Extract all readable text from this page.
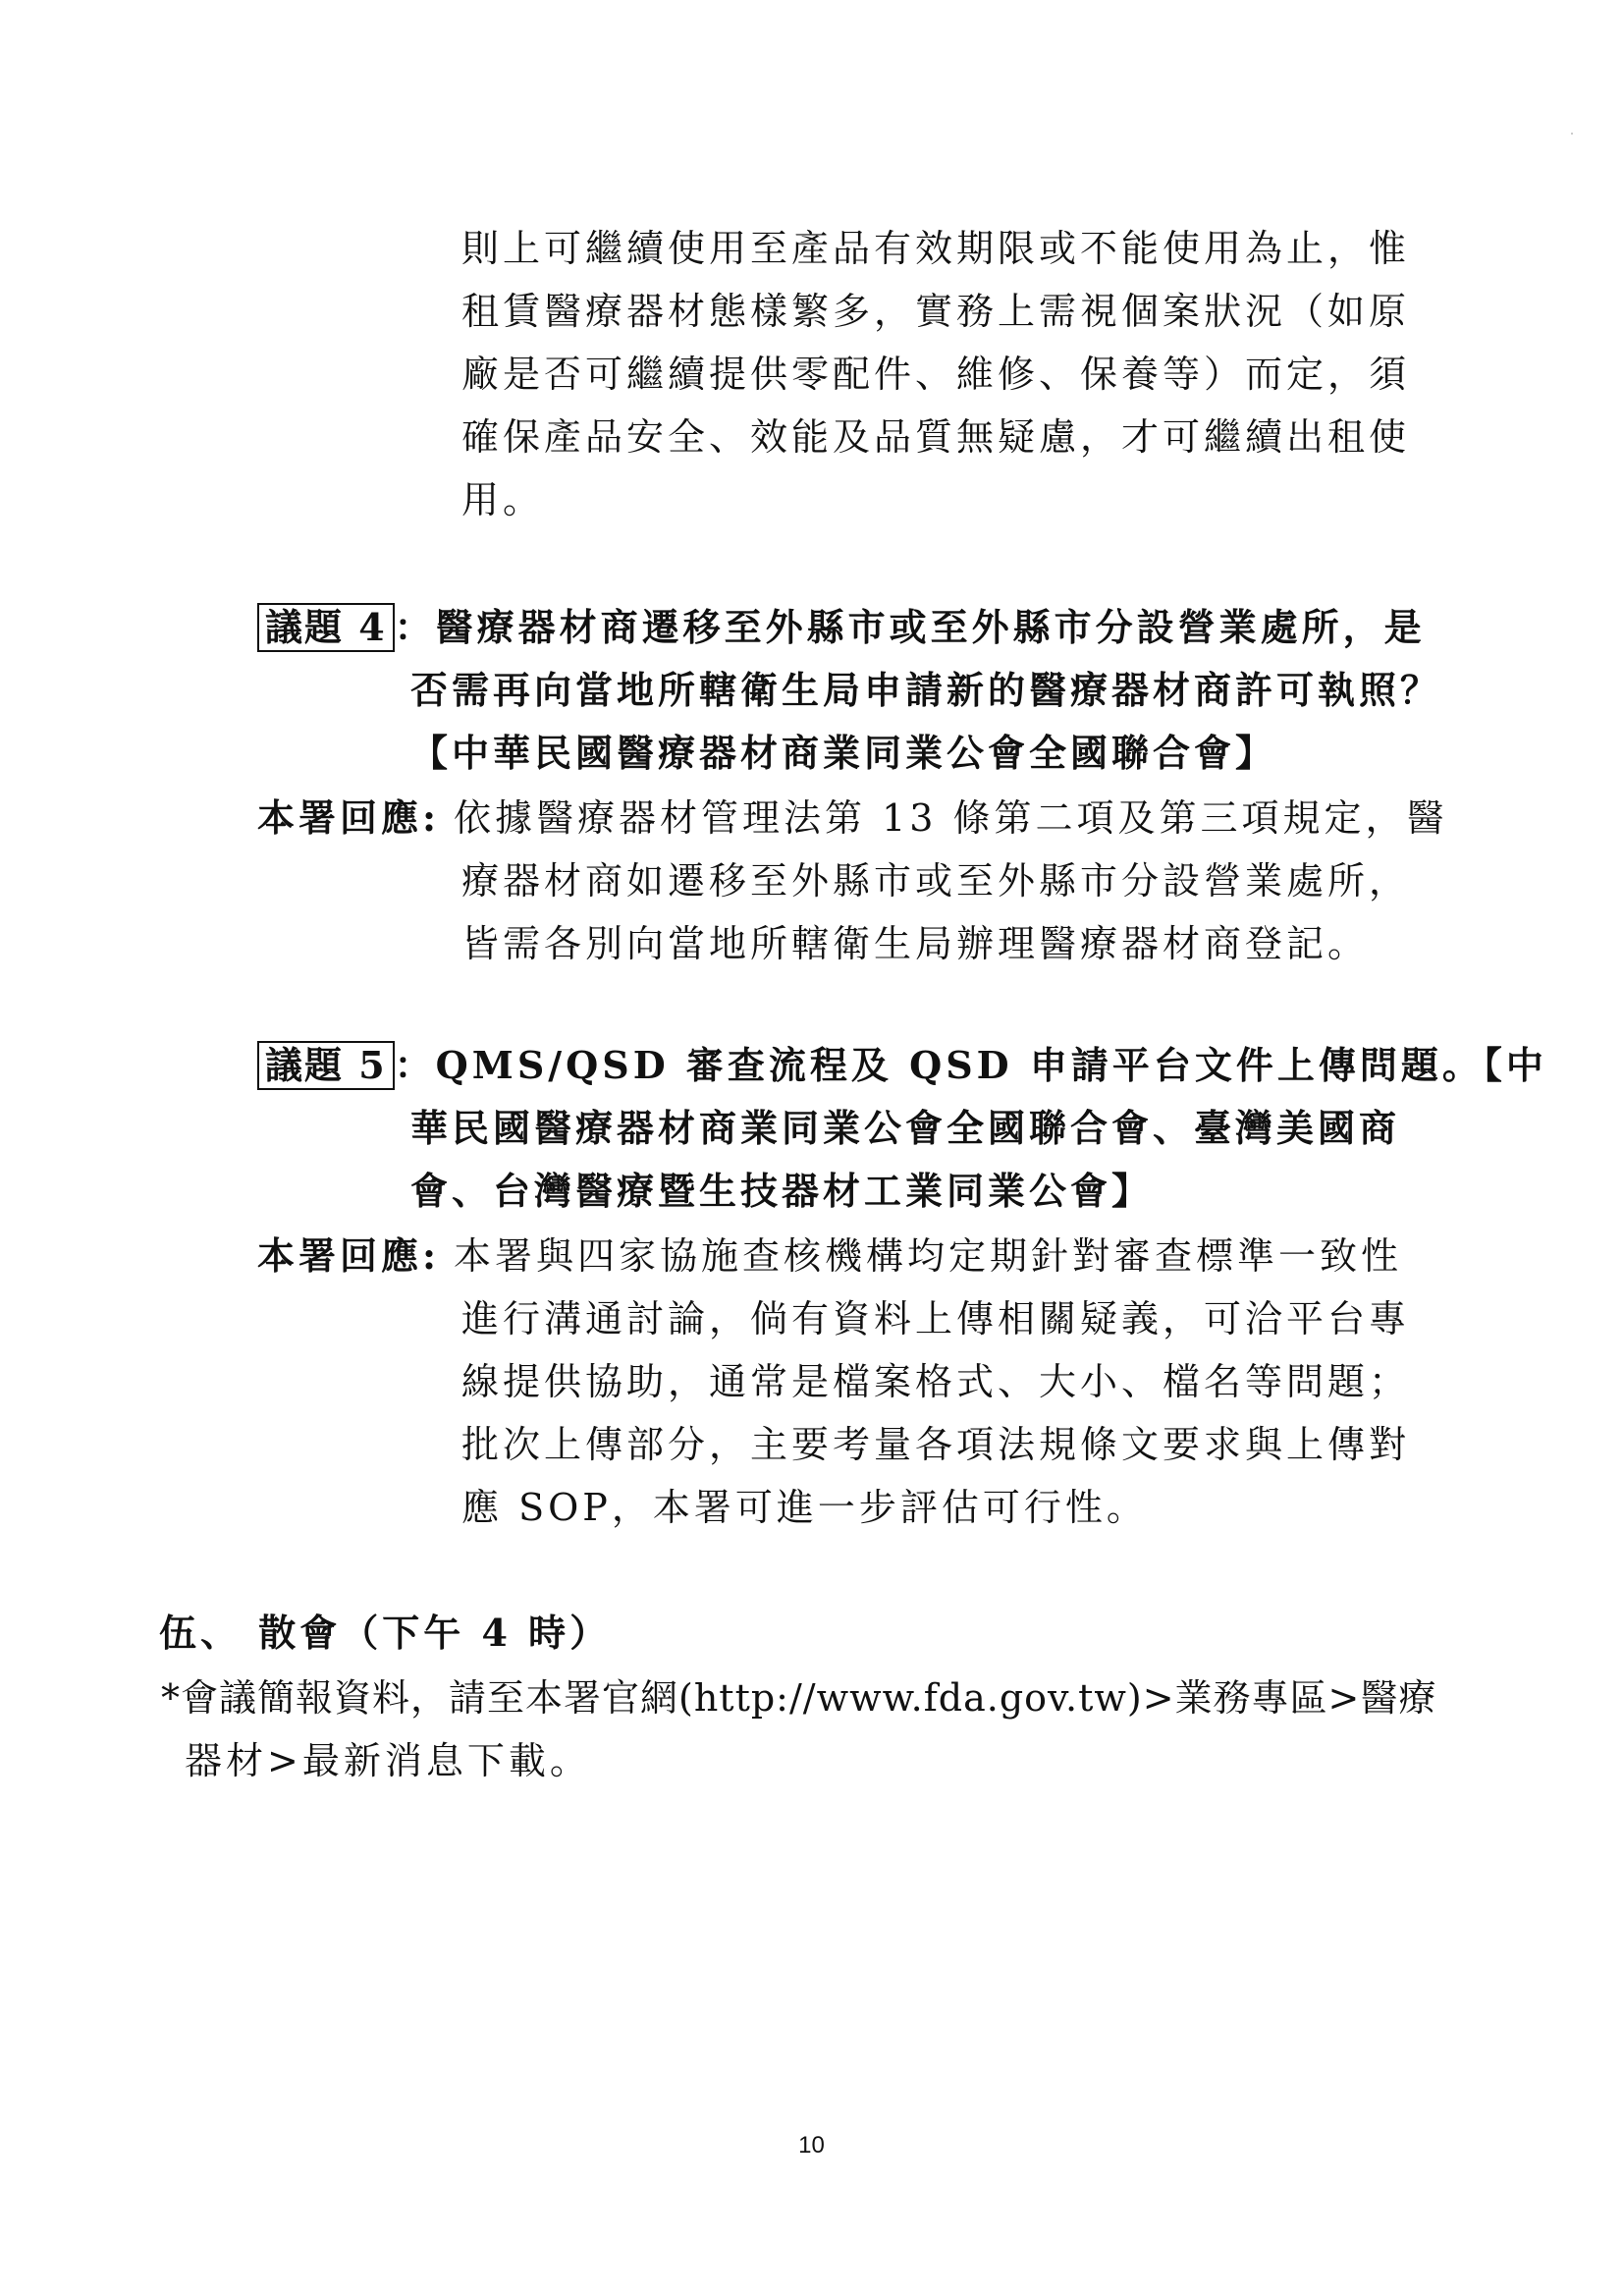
則上可繼續使用至產品有效期限或不能使用為止，惟
租賃醫療器材態樣繁多，實務上需視個案狀況（如原
廠是否可繼續提供零配件、維修、保養等）而定，須
確保產品安全、效能及品質無疑慮，才可繼續出租使
用。
議題 4 ：醫療器材商遷移至外縣市或至外縣市分設營業處所，是
否需再向當地所轄衛生局申請新的醫療器材商許可執照？
【中華民國醫療器材商業同業公會全國聯合會】
本署回應: 依據醫療器材管理法第 13 條第二項及第三項規定，醫
療器材商如遷移至外縣市或至外縣市分設營業處所，
皆需各別向當地所轄衛生局辦理醫療器材商登記。
議題 5 ：QMS/QSD 審查流程及 QSD 申請平台文件上傳問題。【中
華民國醫療器材商業同業公會全國聯合會、臺灣美國商
會、台灣醫療暨生技器材工業同業公會】
本署回應: 本署與四家協施查核機構均定期針對審查標準一致性
進行溝通討論，倘有資料上傳相關疑義，可洽平台專
線提供協助，通常是檔案格式、大小、檔名等問題；
批次上傳部分，主要考量各項法規條文要求與上傳對
應 SOP，本署可進一步評估可行性。
伍、 散會（下午 4 時）
*會議簡報資料，請至本署官網(http://www.fda.gov.tw)>業務專區>醫療
器材>最新消息下載。
10
